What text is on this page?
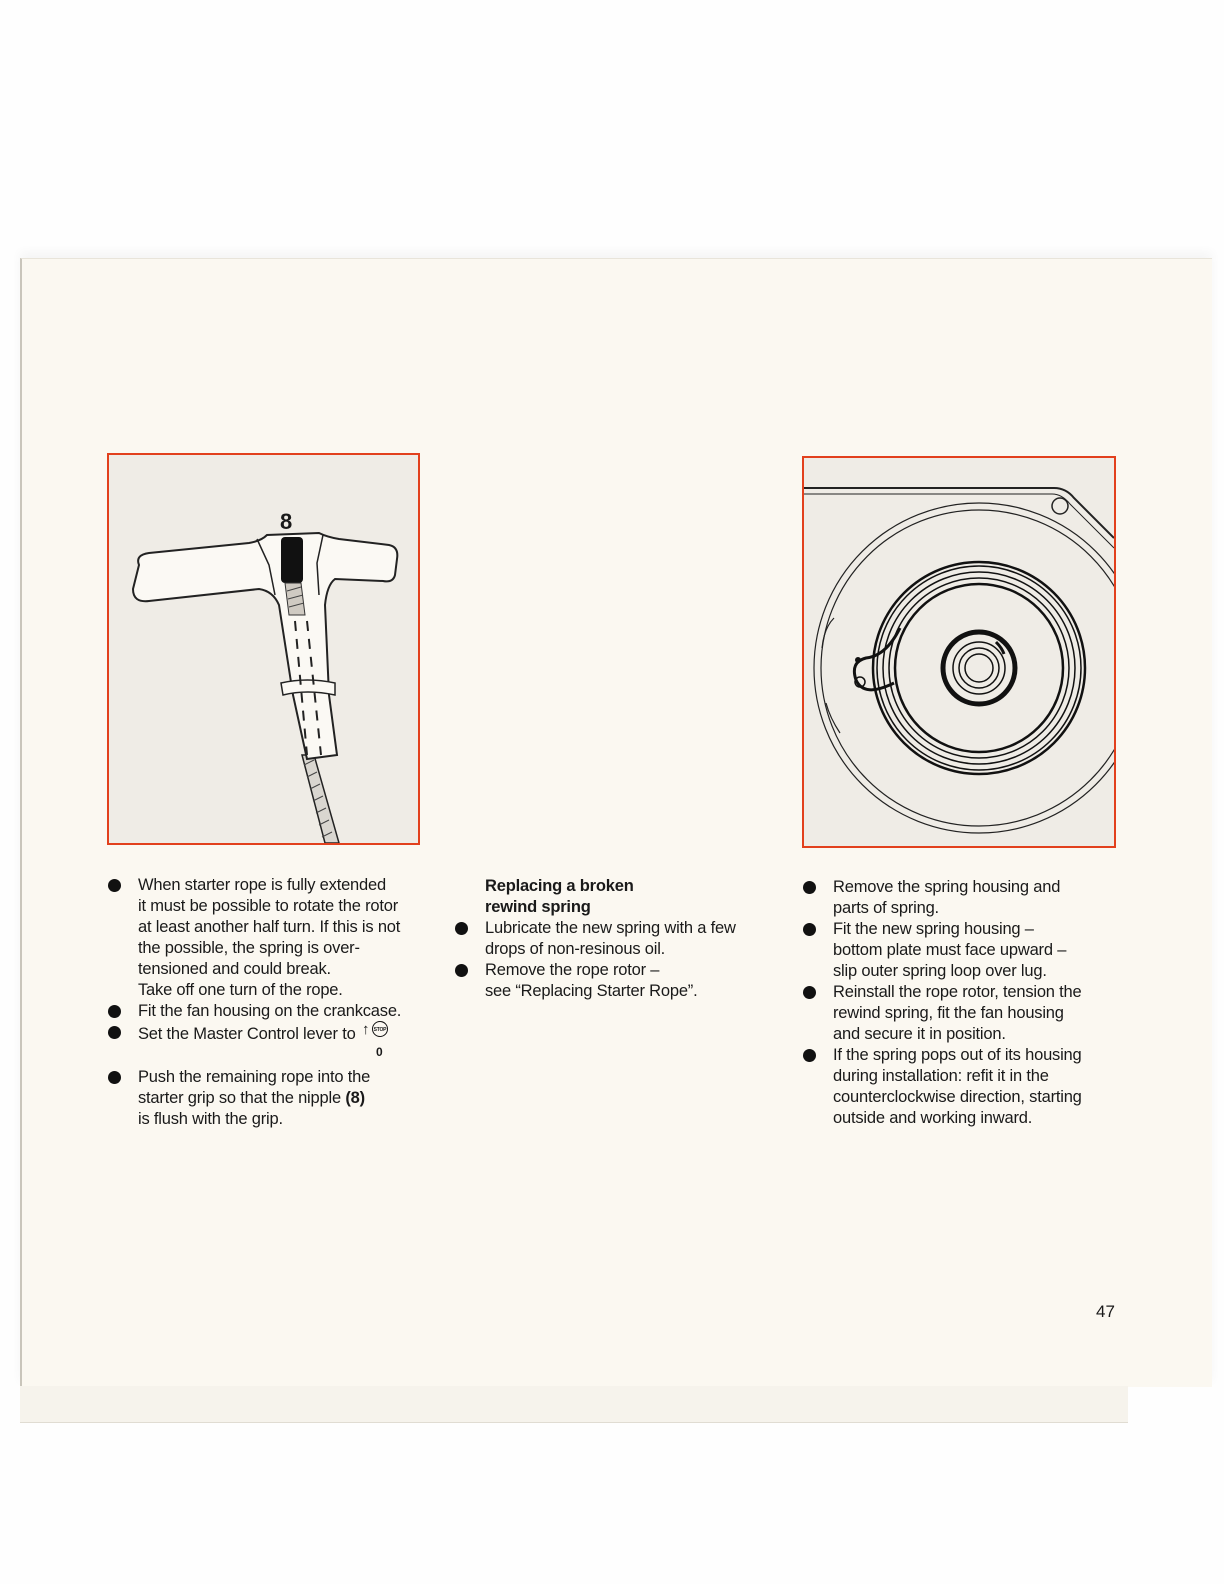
8
When starter rope is fully extended
it must be possible to rotate the rotor
at least another half turn. If this is not
the possible, the spring is over-
tensioned and could break.
Take off one turn of the rope.
Fit the fan housing on the crankcase.
Set the Master Control lever to ↑ STOP
0
Push the remaining rope into the
starter grip so that the nipple (8)
is flush with the grip.
Replacing a broken
rewind spring
Lubricate the new spring with a few
drops of non-resinous oil.
Remove the rope rotor –
see “Replacing Starter Rope”.
Remove the spring housing and
parts of spring.
Fit the new spring housing –
bottom plate must face upward –
slip outer spring loop over lug.
Reinstall the rope rotor, tension the
rewind spring, fit the fan housing
and secure it in position.
If the spring pops out of its housing
during installation: refit it in the
counterclockwise direction, starting
outside and working inward.
47
